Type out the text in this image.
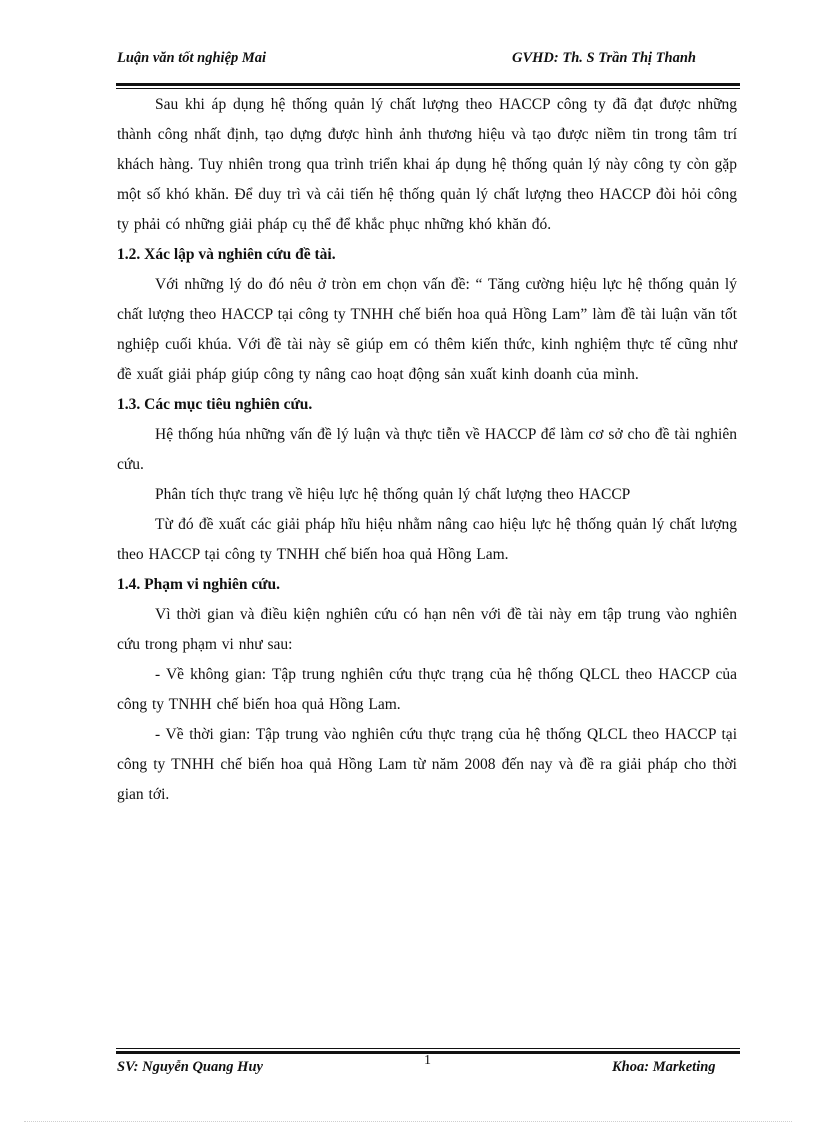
Luận văn tốt nghiệp Mai	GVHD: Th. S Trần Thị Thanh

Sau khi áp dụng hệ thống quản lý chất lượng theo HACCP công ty đã đạt được những thành công nhất định, tạo dựng được hình ảnh thương hiệu và tạo được niềm tin trong tâm trí khách hàng. Tuy nhiên trong qua trình triển khai áp dụng hệ thống quản lý này công ty còn gặp một số khó khăn. Để duy trì và cải tiến hệ thống quản lý chất lượng theo HACCP đòi hỏi công ty phải có những giải pháp cụ thể để khắc phục những khó khăn đó.

1.2. Xác lập và nghiên cứu đề tài.

Với những lý do đó nêu ở tròn em chọn vấn đề: “ Tăng cường hiệu lực hệ thống quản lý chất lượng theo HACCP tại công ty TNHH chế biến hoa quả Hồng Lam” làm đề tài luận văn tốt nghiệp cuối khúa. Với đề tài này sẽ giúp em có thêm kiến thức, kinh nghiệm thực tế cũng như đề xuất giải pháp giúp công ty nâng cao hoạt động sản xuất kinh doanh của mình.

1.3. Các mục tiêu nghiên cứu.

Hệ thống húa những vấn đề lý luận và thực tiễn về HACCP để làm cơ sở cho đề tài nghiên cứu.

Phân tích thực trang về hiệu lực hệ thống quản lý chất lượng theo HACCP

Từ đó đề xuất các giải pháp hĩu hiệu nhằm nâng cao hiệu lực hệ thống quản lý chất lượng theo HACCP tại công ty TNHH chế biến hoa quả Hồng Lam.

1.4. Phạm vi nghiên cứu.

Vì thời gian và điều kiện nghiên cứu có hạn nên với đề tài này em tập trung vào nghiên cứu trong phạm vi như sau:

- Về không gian: Tập trung nghiên cứu thực trạng của hệ thống QLCL theo HACCP của công ty TNHH chế biến hoa quả Hồng Lam.

- Về thời gian: Tập trung vào nghiên cứu thực trạng của hệ thống QLCL theo HACCP tại công ty TNHH chế biến hoa quả Hồng Lam từ năm 2008 đến nay và đề ra giải pháp cho thời gian tới.

SV: Nguyễn Quang Huy	1	Khoa: Marketing
